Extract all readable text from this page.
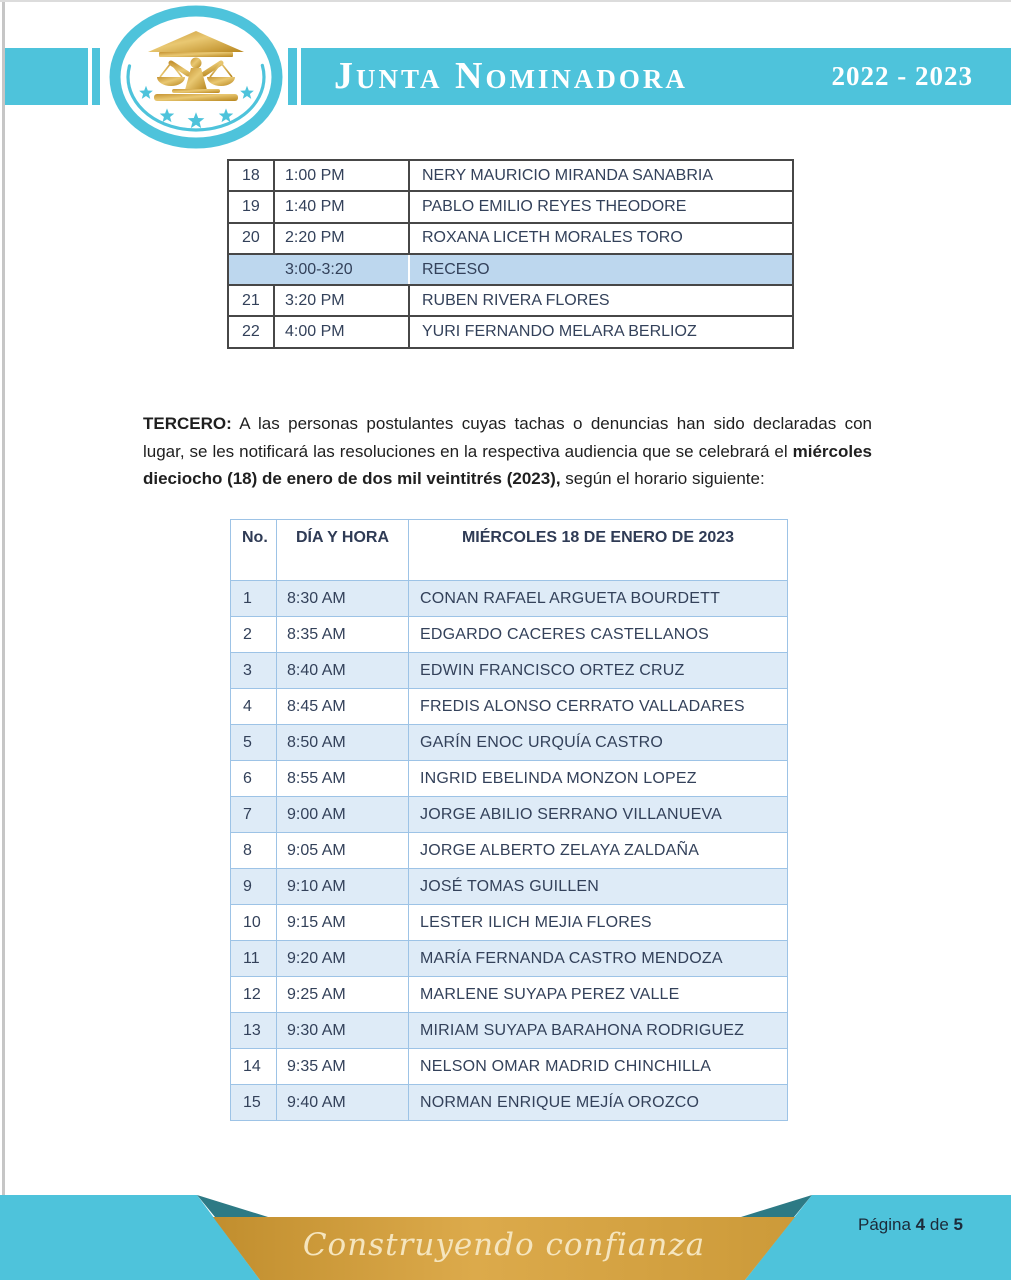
Junta Nominadora	2022 - 2023
18	1:00 PM	NERY MAURICIO MIRANDA SANABRIA
19	1:40 PM	PABLO EMILIO REYES THEODORE
20	2:20 PM	ROXANA LICETH MORALES TORO
	3:00-3:20	RECESO
21	3:20 PM	RUBEN RIVERA FLORES
22	4:00 PM	YURI FERNANDO MELARA BERLIOZ

TERCERO: A las personas postulantes cuyas tachas o denuncias han sido declaradas con lugar, se les notificará las resoluciones en la respectiva audiencia que se celebrará el miércoles dieciocho (18) de enero de dos mil veintitrés (2023), según el horario siguiente:

No.	DÍA Y HORA	MIÉRCOLES 18 DE ENERO DE 2023
1	8:30 AM	CONAN RAFAEL ARGUETA BOURDETT
2	8:35 AM	EDGARDO CACERES CASTELLANOS
3	8:40 AM	EDWIN FRANCISCO ORTEZ CRUZ
4	8:45 AM	FREDIS ALONSO CERRATO VALLADARES
5	8:50 AM	GARÍN ENOC URQUÍA CASTRO
6	8:55 AM	INGRID EBELINDA MONZON LOPEZ
7	9:00 AM	JORGE ABILIO SERRANO VILLANUEVA
8	9:05 AM	JORGE ALBERTO ZELAYA ZALDAÑA
9	9:10 AM	JOSÉ TOMAS GUILLEN
10	9:15 AM	LESTER ILICH MEJIA FLORES
11	9:20 AM	MARÍA FERNANDA CASTRO MENDOZA
12	9:25 AM	MARLENE SUYAPA PEREZ VALLE
13	9:30 AM	MIRIAM SUYAPA BARAHONA RODRIGUEZ
14	9:35 AM	NELSON OMAR MADRID CHINCHILLA
15	9:40 AM	NORMAN ENRIQUE MEJÍA OROZCO
Construyendo confianza
Página 4 de 5
